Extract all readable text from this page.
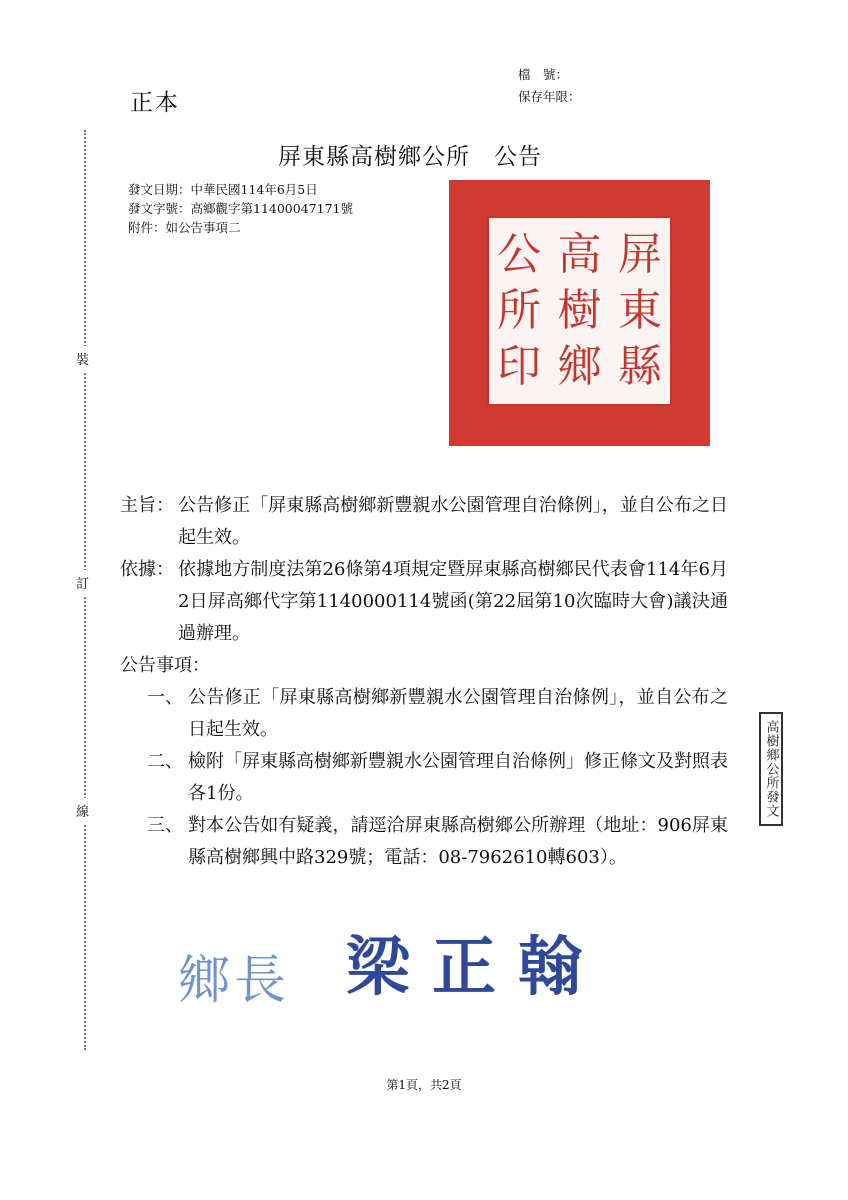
正本
檔　號：
保存年限：
裝
訂
線
屏東縣高樹鄉公所　公告
發文日期：中華民國114年6月5日
發文字號：高鄉觀字第11400047171號
附件：如公告事項二
屏
東
縣
高
樹
鄉
公
所
印
主旨： 公告修正「屏東縣高樹鄉新豐親水公園管理自治條例」，並自公布之日起生效。
依據： 依據地方制度法第26條第4項規定暨屏東縣高樹鄉民代表會114年6月2日屏高鄉代字第1140000114號函(第22屆第10次臨時大會)議決通過辦理。
公告事項：
一、 公告修正「屏東縣高樹鄉新豐親水公園管理自治條例」，並自公布之日起生效。
二、 檢附「屏東縣高樹鄉新豐親水公園管理自治條例」修正條文及對照表各1份。
三、 對本公告如有疑義，請逕洽屏東縣高樹鄉公所辦理（地址：906屏東縣高樹鄉興中路329號；電話：08-7962610轉603）。
高樹鄉公所發文
鄉長 梁正翰
第1頁，共2頁
